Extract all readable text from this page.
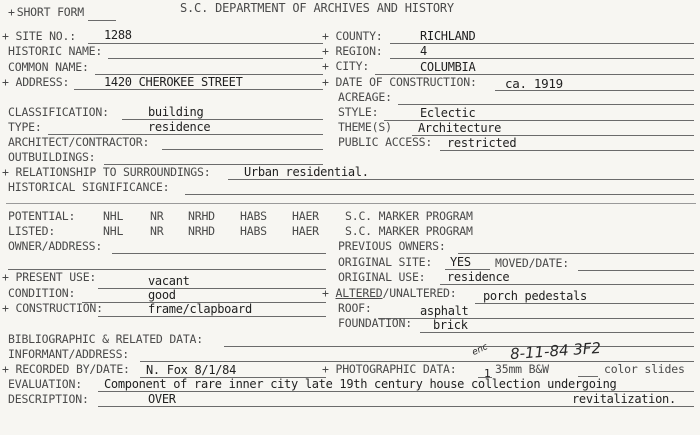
+ SHORT FORM	S.C. DEPARTMENT OF ARCHIVES AND HISTORY
+ SITE NO.: 1288
HISTORIC NAME:
COMMON NAME:
+ ADDRESS:	1420 CHEROKEE STREET
CLASSIFICATION:	building
TYPE:	residence
ARCHITECT/CONTRACTOR:
OUTBUILDINGS:
+ RELATIONSHIP TO SURROUNDINGS:	Urban residential.
HISTORICAL SIGNIFICANCE:
+ COUNTY:	RICHLAND
+ REGION:	4
+ CITY:	COLUMBIA
+ DATE OF CONSTRUCTION: ca. 1919
ACREAGE:
STYLE:	Eclectic
THEME(S) Architecture
PUBLIC ACCESS: restricted
POTENTIAL: NHL NR NRHD HABS HAER S.C. MARKER PROGRAM
LISTED:	NHL NR NRHD HABS HAER S.C. MARKER PROGRAM
OWNER/ADDRESS:	PREVIOUS OWNERS:
ORIGINAL SITE: YES MOVED/DATE:
+ PRESENT USE:	vacant	ORIGINAL USE: residence
CONDITION:	good	+ ALTERED/UNALTERED: porch pedestals
+ CONSTRUCTION:	frame/clapboard	ROOF:	asphalt
FOUNDATION: brick
BIBLIOGRAPHIC & RELATED DATA:
INFORMANT/ADDRESS:
+ RECORDED BY/DATE: N. Fox 8/1/84	+ PHOTOGRAPHIC DATA:
enc 8-11-84 3F2
1 35mm B&W	color slides
EVALUATION: Component of rare inner city late 19th century house collection undergoing
DESCRIPTION:	OVER	revitalization.
